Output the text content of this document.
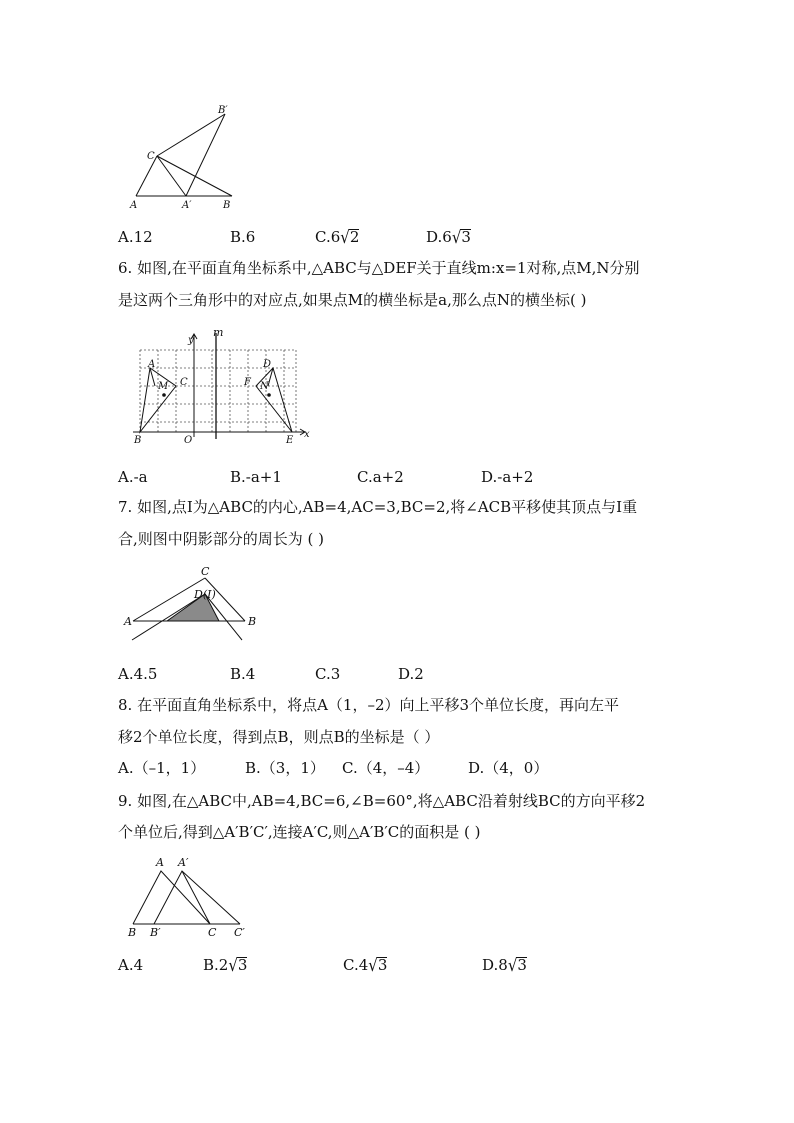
B′
C
A	A′	B
A.12	B.6	C.6√2	D.6√3
6. 如图,在平面直角坐标系中,△ABC与△DEF关于直线m:x=1对称,点M,N分别
是这两个三角形中的对应点,如果点M的横坐标是a,那么点N的横坐标( )
y
m
A
M C	F
D
N
B	O	E
x
A.-a	B.-a+1	C.a+2	D.-a+2
7. 如图,点I为△ABC的内心,AB=4,AC=3,BC=2,将∠ACB平移使其顶点与I重
合,则图中阴影部分的周长为 ( )
C
D(I)
A	B
A.4.5	B.4	C.3	D.2
8. 在平面直角坐标系中，将点A（1，–2）向上平移3个单位长度，再向左平
移2个单位长度，得到点B，则点B的坐标是（ ）
A.（–1，1）	B.（3，1） C.（4，–4）	D.（4，0）
9. 如图,在△ABC中,AB=4,BC=6,∠B=60°,将△ABC沿着射线BC的方向平移2
个单位后,得到△A′B′C′,连接A′C,则△A′B′C的面积是 ( )
A A′
B B′	C C′
A.4	B.2√3	C.4√3	D.8√3
